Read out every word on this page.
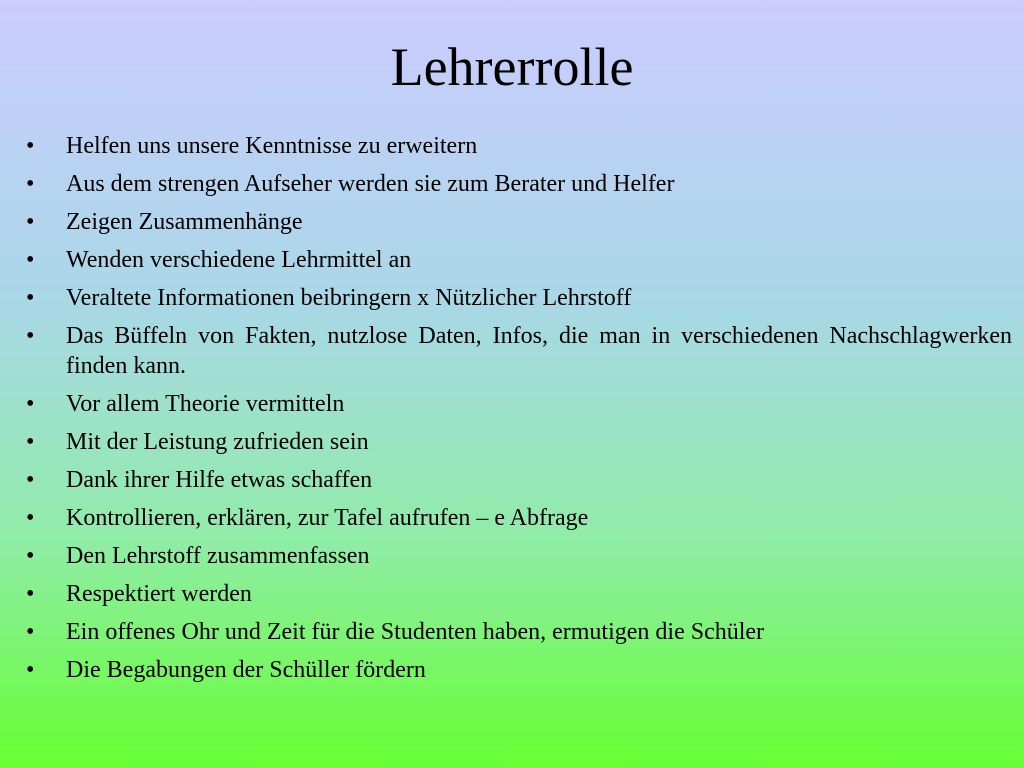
Lehrerrolle
• Helfen uns unsere Kenntnisse zu erweitern
• Aus dem strengen Aufseher werden sie zum Berater und Helfer
• Zeigen Zusammenhänge
• Wenden verschiedene Lehrmittel an
• Veraltete Informationen beibringern x Nützlicher Lehrstoff
• Das Büffeln von Fakten, nutzlose Daten, Infos, die man in verschiedenen Nachschlagwerken finden kann.
• Vor allem Theorie vermitteln
• Mit der Leistung zufrieden sein
• Dank ihrer Hilfe etwas schaffen
• Kontrollieren, erklären, zur Tafel aufrufen – e Abfrage
• Den Lehrstoff zusammenfassen
• Respektiert werden
• Ein offenes Ohr und Zeit für die Studenten haben, ermutigen die Schüler
• Die Begabungen der Schüller fördern
